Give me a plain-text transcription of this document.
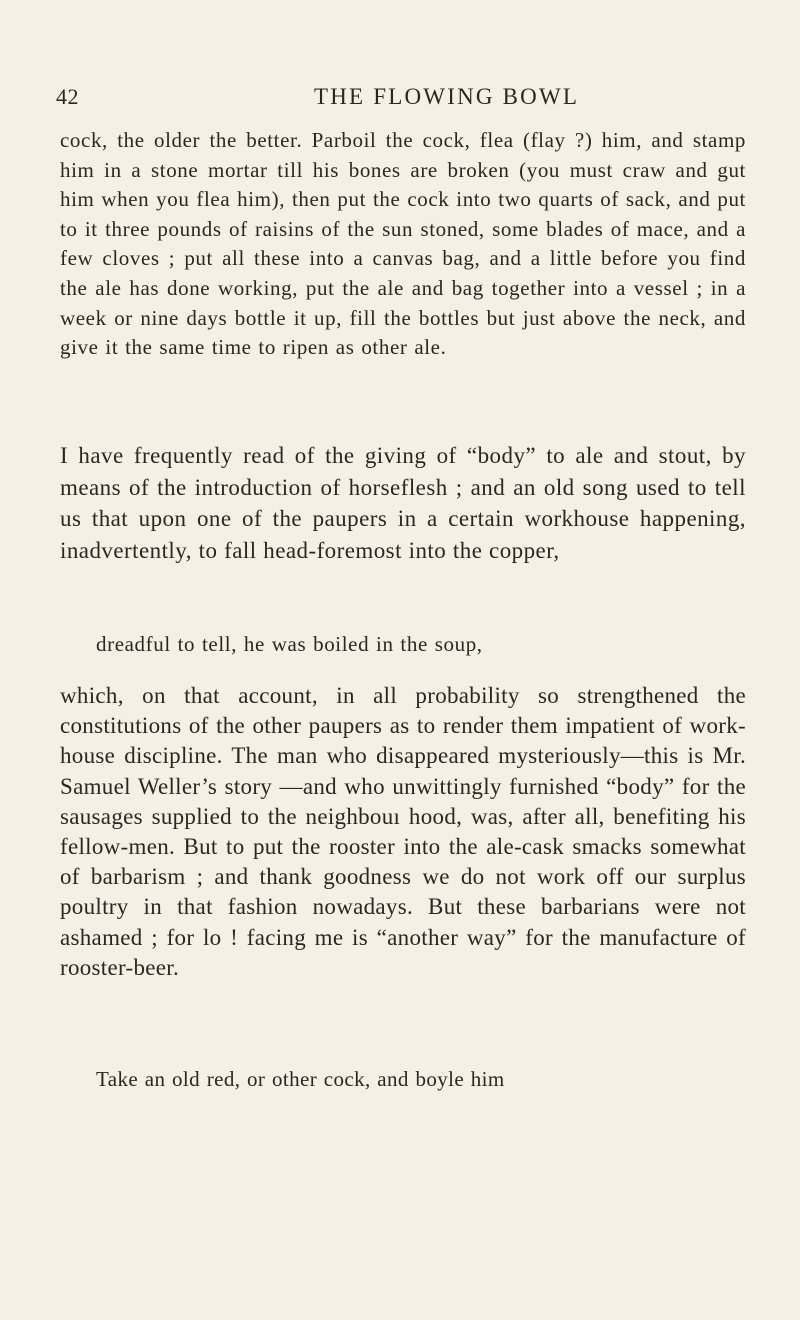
42	THE FLOWING BOWL

cock, the older the better. Parboil the cock, flea (flay ?) him, and stamp him in a stone mortar till his bones are broken (you must craw and gut him when you flea him), then put the cock into two quarts of sack, and put to it three pounds of raisins of the sun stoned, some blades of mace, and a few cloves ; put all these into a canvas bag, and a little before you find the ale has done working, put the ale and bag together into a vessel ; in a week or nine days bottle it up, fill the bottles but just above the neck, and give it the same time to ripen as other ale.

I have frequently read of the giving of “body” to ale and stout, by means of the introduction of horseflesh ; and an old song used to tell us that upon one of the paupers in a certain workhouse happening, inadvertently, to fall head-foremost into the copper,

dreadful to tell, he was boiled in the soup,

which, on that account, in all probability so strengthened the constitutions of the other paupers as to render them impatient of work-house discipline. The man who disappeared mysteriously—this is Mr. Samuel Weller’s story —and who unwittingly furnished “body” for the sausages supplied to the neighbouı hood, was, after all, benefiting his fellow-men. But to put the rooster into the ale-cask smacks somewhat of barbarism ; and thank goodness we do not work off our surplus poultry in that fashion nowadays. But these barbarians were not ashamed ; for lo ! facing me is “another way” for the manufacture of rooster-beer.

Take an old red, or other cock, and boyle him
